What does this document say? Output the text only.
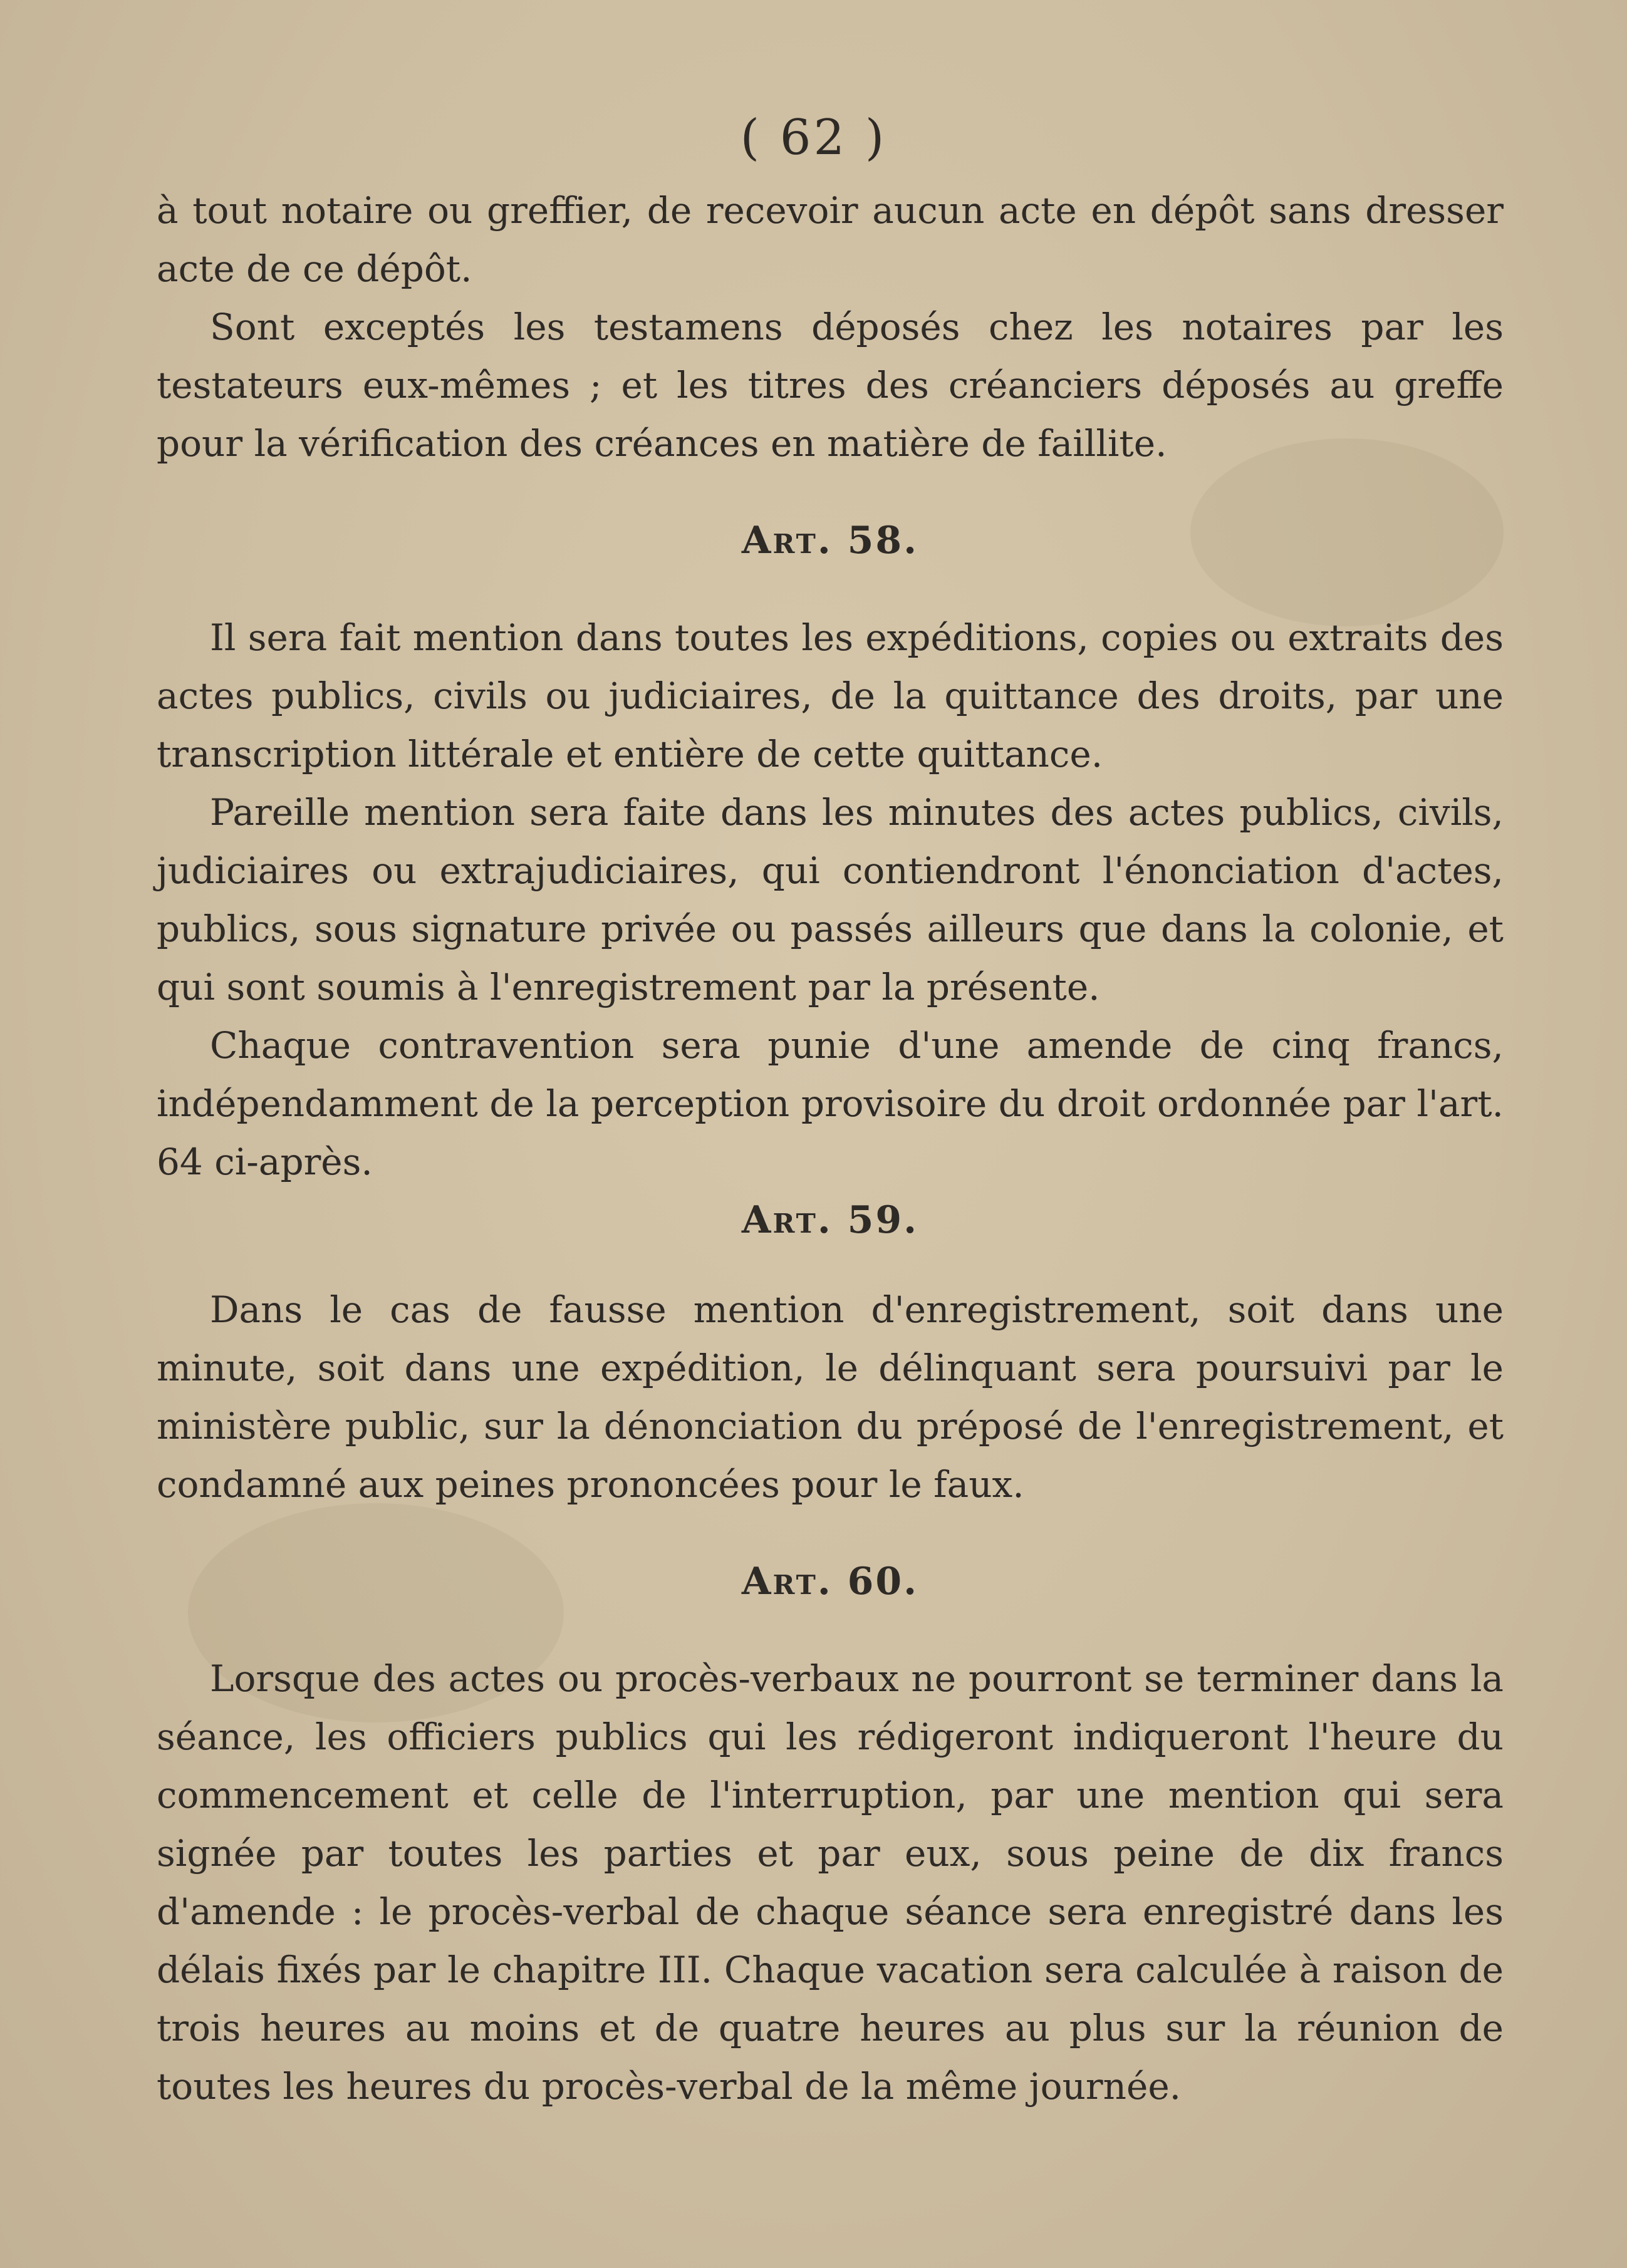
( 62 )

à tout notaire ou greffier, de recevoir aucun acte en dépôt sans dresser acte de ce dépôt.

Sont exceptés les testamens déposés chez les notaires par les testateurs eux-mêmes ; et les titres des créanciers déposés au greffe pour la vérification des créances en matière de faillite.

Art. 58.

Il sera fait mention dans toutes les expéditions, copies ou extraits des actes publics, civils ou judiciaires, de la quittance des droits, par une transcription littérale et entière de cette quittance.

Pareille mention sera faite dans les minutes des actes publics, civils, judiciaires ou extrajudiciaires, qui contiendront l'énonciation d'actes, publics, sous signature privée ou passés ailleurs que dans la colonie, et qui sont soumis à l'enregistrement par la présente.

Chaque contravention sera punie d'une amende de cinq francs, indépendamment de la perception provisoire du droit ordonnée par l'art. 64 ci-après.

Art. 59.

Dans le cas de fausse mention d'enregistrement, soit dans une minute, soit dans une expédition, le délinquant sera poursuivi par le ministère public, sur la dénonciation du préposé de l'enregistrement, et condamné aux peines prononcées pour le faux.

Art. 60.

Lorsque des actes ou procès-verbaux ne pourront se terminer dans la séance, les officiers publics qui les rédigeront indiqueront l'heure du commencement et celle de l'interruption, par une mention qui sera signée par toutes les parties et par eux, sous peine de dix francs d'amende : le procès-verbal de chaque séance sera enregistré dans les délais fixés par le chapitre III. Chaque vacation sera calculée à raison de trois heures au moins et de quatre heures au plus sur la réunion de toutes les heures du procès-verbal de la même journée.
